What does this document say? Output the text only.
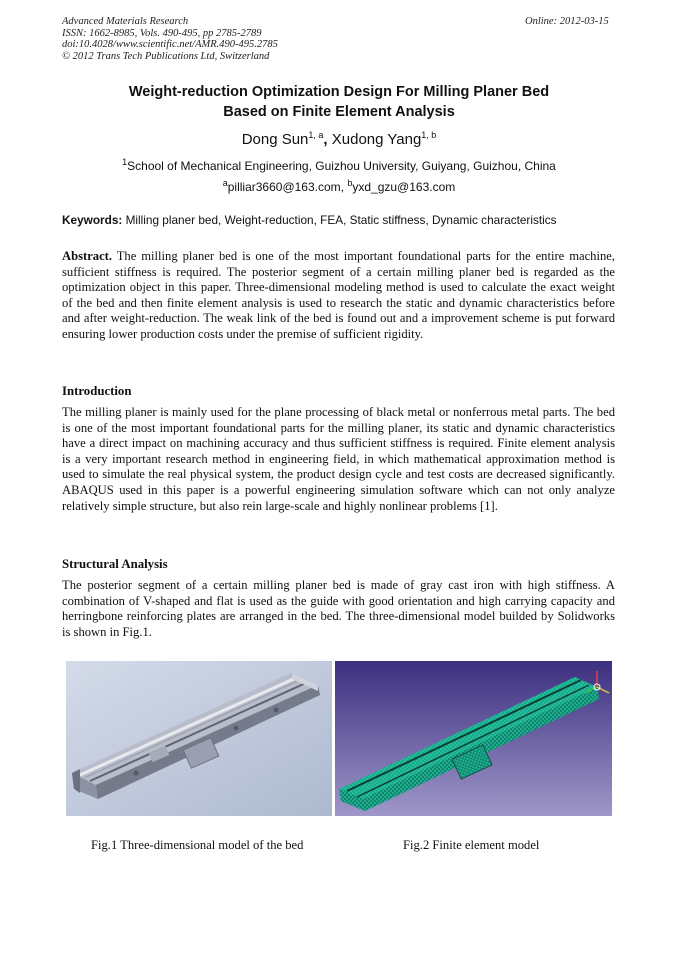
Advanced Materials Research
ISSN: 1662-8985, Vols. 490-495, pp 2785-2789
doi:10.4028/www.scientific.net/AMR.490-495.2785
© 2012 Trans Tech Publications Ltd, Switzerland
Online: 2012-03-15
Weight-reduction Optimization Design For Milling Planer Bed
Based on Finite Element Analysis
Dong Sun$^{1, a}$, Xudong Yang$^{1, b}$
$^1$School of Mechanical Engineering, Guizhou University, Guiyang, Guizhou, China
$^a$pilliar3660@163.com, $^b$yxd_gzu@163.com
Keywords: Milling planer bed, Weight-reduction, FEA, Static stiffness, Dynamic characteristics

Abstract. The milling planer bed is one of the most important foundational parts for the entire machine, sufficient stiffness is required. The posterior segment of a certain milling planer bed is regarded as the optimization object in this paper. Three-dimensional modeling method is used to calculate the exact weight of the bed and then finite element analysis is used to research the static and dynamic characteristics before and after weight-reduction. The weak link of the bed is found out and a improvement scheme is put forward ensuring lower production costs under the premise of sufficient rigidity.

Introduction

The milling planer is mainly used for the plane processing of black metal or nonferrous metal parts. The bed is one of the most important foundational parts for the milling planer, its static and dynamic characteristics have a direct impact on machining accuracy and thus sufficient stiffness is required. Finite element analysis is a very important research method in engineering field, in which mathematical approximation method is used to simulate the real physical system, the product design cycle and test costs are decreased significantly. ABAQUS used in this paper is a powerful engineering simulation software which can not only analyze relatively simple structure, but also rein large-scale and highly nonlinear problems [1].

Structural Analysis

The posterior segment of a certain milling planer bed is made of gray cast iron with high stiffness. A combination of V-shaped and flat is used as the guide with good orientation and high carrying capacity and herringbone reinforcing plates are arranged in the bed. The three-dimensional model builded by Solidworks is shown in Fig.1.

Fig.1 Three-dimensional model of the bed	Fig.2 Finite element model
